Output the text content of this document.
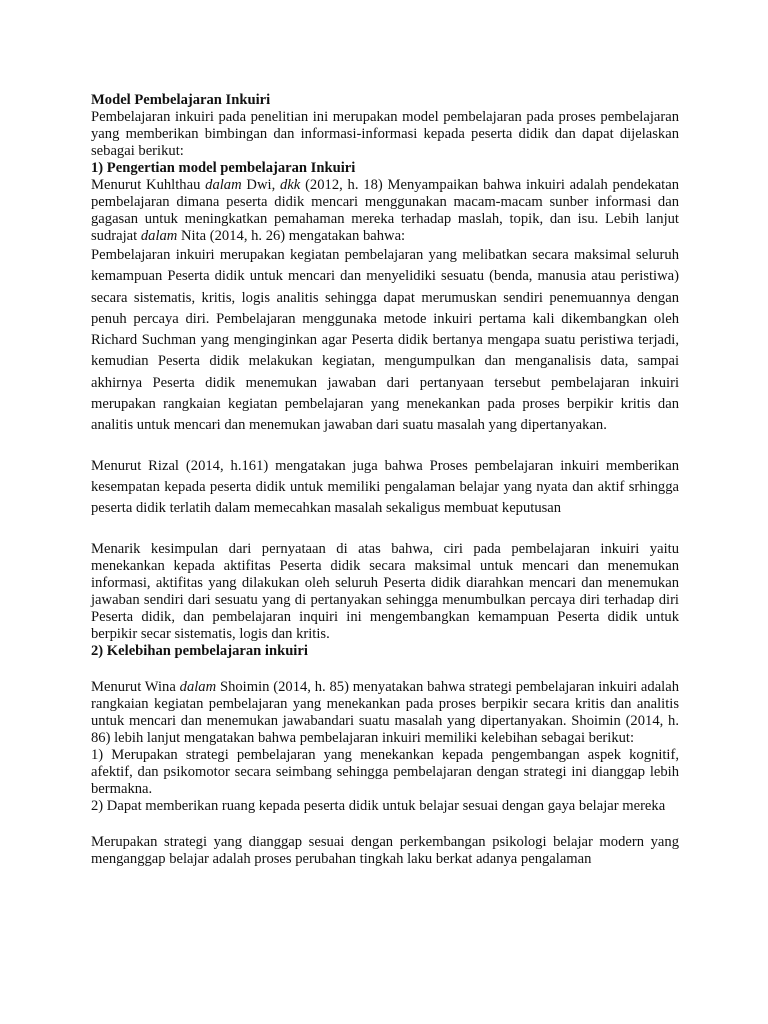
Model Pembelajaran Inkuiri

Pembelajaran inkuiri pada penelitian ini merupakan model pembelajaran pada proses pembelajaran yang memberikan bimbingan dan informasi-informasi kepada peserta didik dan dapat dijelaskan sebagai berikut:

1) Pengertian model pembelajaran Inkuiri

Menurut Kuhlthau dalam Dwi, dkk (2012, h. 18) Menyampaikan bahwa inkuiri adalah pendekatan pembelajaran dimana peserta didik mencari menggunakan macam-macam sunber informasi dan gagasan untuk meningkatkan pemahaman mereka terhadap maslah, topik, dan isu. Lebih lanjut sudrajat dalam Nita (2014, h. 26) mengatakan bahwa:

Pembelajaran inkuiri merupakan kegiatan pembelajaran yang melibatkan secara maksimal seluruh kemampuan Peserta didik untuk mencari dan menyelidiki sesuatu (benda, manusia atau peristiwa) secara sistematis, kritis, logis analitis sehingga dapat merumuskan sendiri penemuannya dengan penuh percaya diri. Pembelajaran menggunaka metode inkuiri pertama kali dikembangkan oleh Richard Suchman yang menginginkan agar Peserta didik bertanya mengapa suatu peristiwa terjadi, kemudian Peserta didik melakukan kegiatan, mengumpulkan dan menganalisis data, sampai akhirnya Peserta didik menemukan jawaban dari pertanyaan tersebut pembelajaran inkuiri merupakan rangkaian kegiatan pembelajaran yang menekankan pada proses berpikir kritis dan analitis untuk mencari dan menemukan jawaban dari suatu masalah yang dipertanyakan.

Menurut Rizal (2014, h.161) mengatakan juga bahwa Proses pembelajaran inkuiri memberikan kesempatan kepada peserta didik untuk memiliki pengalaman belajar yang nyata dan aktif srhingga peserta didik terlatih dalam memecahkan masalah sekaligus membuat keputusan

Menarik kesimpulan dari pernyataan di atas bahwa, ciri pada pembelajaran inkuiri yaitu menekankan kepada aktifitas Peserta didik secara maksimal untuk mencari dan menemukan informasi, aktifitas yang dilakukan oleh seluruh Peserta didik diarahkan mencari dan menemukan jawaban sendiri dari sesuatu yang di pertanyakan sehingga menumbulkan percaya diri terhadap diri Peserta didik, dan pembelajaran inquiri ini mengembangkan kemampuan Peserta didik untuk berpikir secar sistematis, logis dan kritis.

2) Kelebihan pembelajaran inkuiri

Menurut Wina dalam Shoimin (2014, h. 85) menyatakan bahwa strategi pembelajaran inkuiri adalah rangkaian kegiatan pembelajaran yang menekankan pada proses berpikir secara kritis dan analitis untuk mencari dan menemukan jawabandari suatu masalah yang dipertanyakan. Shoimin (2014, h. 86) lebih lanjut mengatakan bahwa pembelajaran inkuiri memiliki kelebihan sebagai berikut:

1) Merupakan strategi pembelajaran yang menekankan kepada pengembangan aspek kognitif, afektif, dan psikomotor secara seimbang sehingga pembelajaran dengan strategi ini dianggap lebih bermakna.

2) Dapat memberikan ruang kepada peserta didik untuk belajar sesuai dengan gaya belajar mereka

Merupakan strategi yang dianggap sesuai dengan perkembangan psikologi belajar modern yang menganggap belajar adalah proses perubahan tingkah laku berkat adanya pengalaman
